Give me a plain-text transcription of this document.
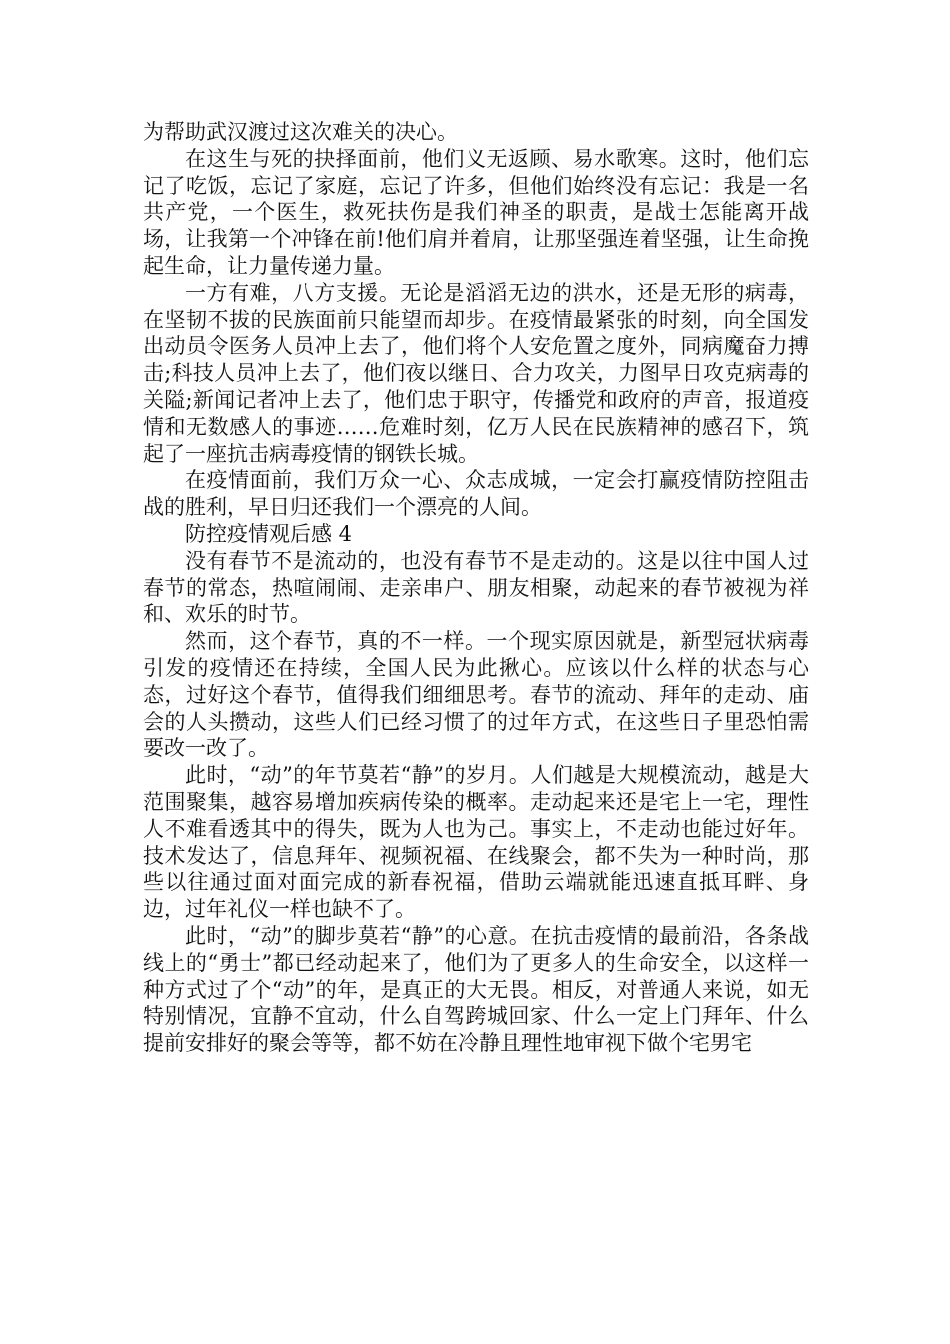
为帮助武汉渡过这次难关的决心。

在这生与死的抉择面前，他们义无返顾、易水歌寒。这时，他们忘记了吃饭，忘记了家庭，忘记了许多，但他们始终没有忘记：我是一名共产党，一个医生，救死扶伤是我们神圣的职责，是战士怎能离开战场，让我第一个冲锋在前!他们肩并着肩，让那坚强连着坚强，让生命挽起生命，让力量传递力量。

一方有难，八方支援。无论是滔滔无边的洪水，还是无形的病毒，在坚韧不拔的民族面前只能望而却步。在疫情最紧张的时刻，向全国发出动员令医务人员冲上去了，他们将个人安危置之度外，同病魔奋力搏击;科技人员冲上去了，他们夜以继日、合力攻关，力图早日攻克病毒的关隘;新闻记者冲上去了，他们忠于职守，传播党和政府的声音，报道疫情和无数感人的事迹……危难时刻，亿万人民在民族精神的感召下，筑起了一座抗击病毒疫情的钢铁长城。

在疫情面前，我们万众一心、众志成城，一定会打赢疫情防控阻击战的胜利，早日归还我们一个漂亮的人间。

防控疫情观后感 4

没有春节不是流动的，也没有春节不是走动的。这是以往中国人过春节的常态，热喧闹闹、走亲串户、朋友相聚，动起来的春节被视为祥和、欢乐的时节。

然而，这个春节，真的不一样。一个现实原因就是，新型冠状病毒引发的疫情还在持续，全国人民为此揪心。应该以什么样的状态与心态，过好这个春节，值得我们细细思考。春节的流动、拜年的走动、庙会的人头攒动，这些人们已经习惯了的过年方式，在这些日子里恐怕需要改一改了。

此时，“动”的年节莫若“静”的岁月。人们越是大规模流动，越是大范围聚集，越容易增加疾病传染的概率。走动起来还是宅上一宅，理性人不难看透其中的得失，既为人也为己。事实上，不走动也能过好年。技术发达了，信息拜年、视频祝福、在线聚会，都不失为一种时尚，那些以往通过面对面完成的新春祝福，借助云端就能迅速直抵耳畔、身边，过年礼仪一样也缺不了。

此时，“动”的脚步莫若“静”的心意。在抗击疫情的最前沿，各条战线上的“勇士”都已经动起来了，他们为了更多人的生命安全，以这样一种方式过了个“动”的年，是真正的大无畏。相反，对普通人来说，如无特别情况，宜静不宜动，什么自驾跨城回家、什么一定上门拜年、什么提前安排好的聚会等等，都不妨在冷静且理性地审视下做个宅男宅
